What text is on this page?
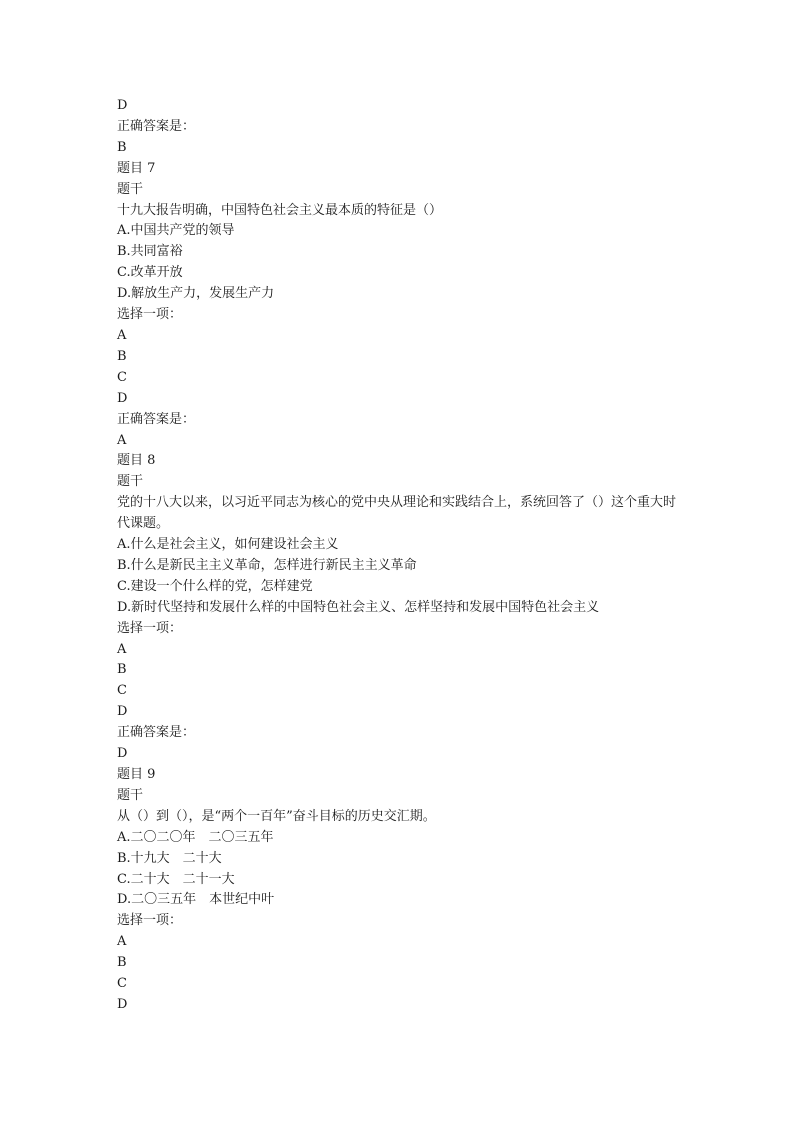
D
正确答案是：
B
题目 7
题干
十九大报告明确，中国特色社会主义最本质的特征是（）
A.中国共产党的领导
B.共同富裕
C.改革开放
D.解放生产力，发展生产力
选择一项：
A
B
C
D
正确答案是：
A
题目 8
题干
党的十八大以来，以习近平同志为核心的党中央从理论和实践结合上，系统回答了（）这个重大时代课题。
A.什么是社会主义，如何建设社会主义
B.什么是新民主主义革命，怎样进行新民主主义革命
C.建设一个什么样的党，怎样建党
D.新时代坚持和发展什么样的中国特色社会主义、怎样坚持和发展中国特色社会主义
选择一项：
A
B
C
D
正确答案是：
D
题目 9
题干
从（）到（），是“两个一百年”奋斗目标的历史交汇期。
A.二〇二〇年　二〇三五年
B.十九大　二十大
C.二十大　二十一大
D.二〇三五年　本世纪中叶
选择一项：
A
B
C
D
